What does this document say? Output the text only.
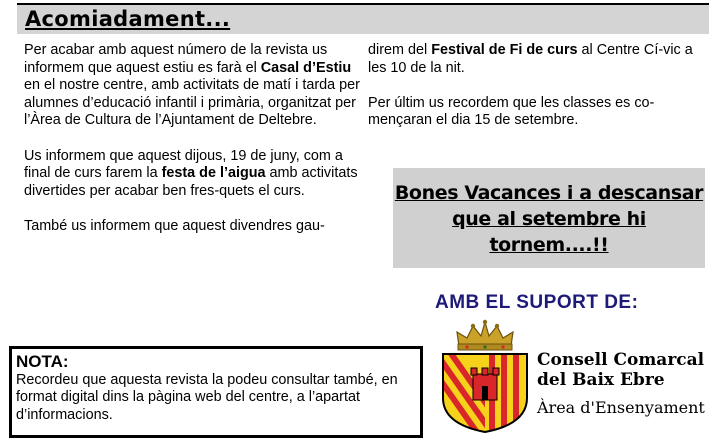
Acomiadament...

Per acabar amb aquest número de la revista us informem que aquest estiu es farà el Casal d’Estiu en el nostre centre, amb activitats de matí i tarda per alumnes d’educació infantil i primària, organitzat per l’Àrea de Cultura de l’Ajuntament de Deltebre.

Us informem que aquest dijous, 19 de juny, com a final de curs farem la festa de l’aigua amb activitats divertides per acabar ben fres-quets el curs.

També us informem que aquest divendres gau-

direm del Festival de Fi de curs al Centre Cí-vic a les 10 de la nit.

Per últim us recordem que les classes es co-mençaran el dia 15 de setembre.

Bones Vacances i a descansar
que al setembre hi tornem....!!
AMB EL SUPORT DE:
NOTA:
Recordeu que aquesta revista la podeu consultar també, en format digital dins la pàgina web del centre, a l’apartat d’informacions.
Consell Comarcal
del Baix Ebre
Àrea d'Ensenyament
